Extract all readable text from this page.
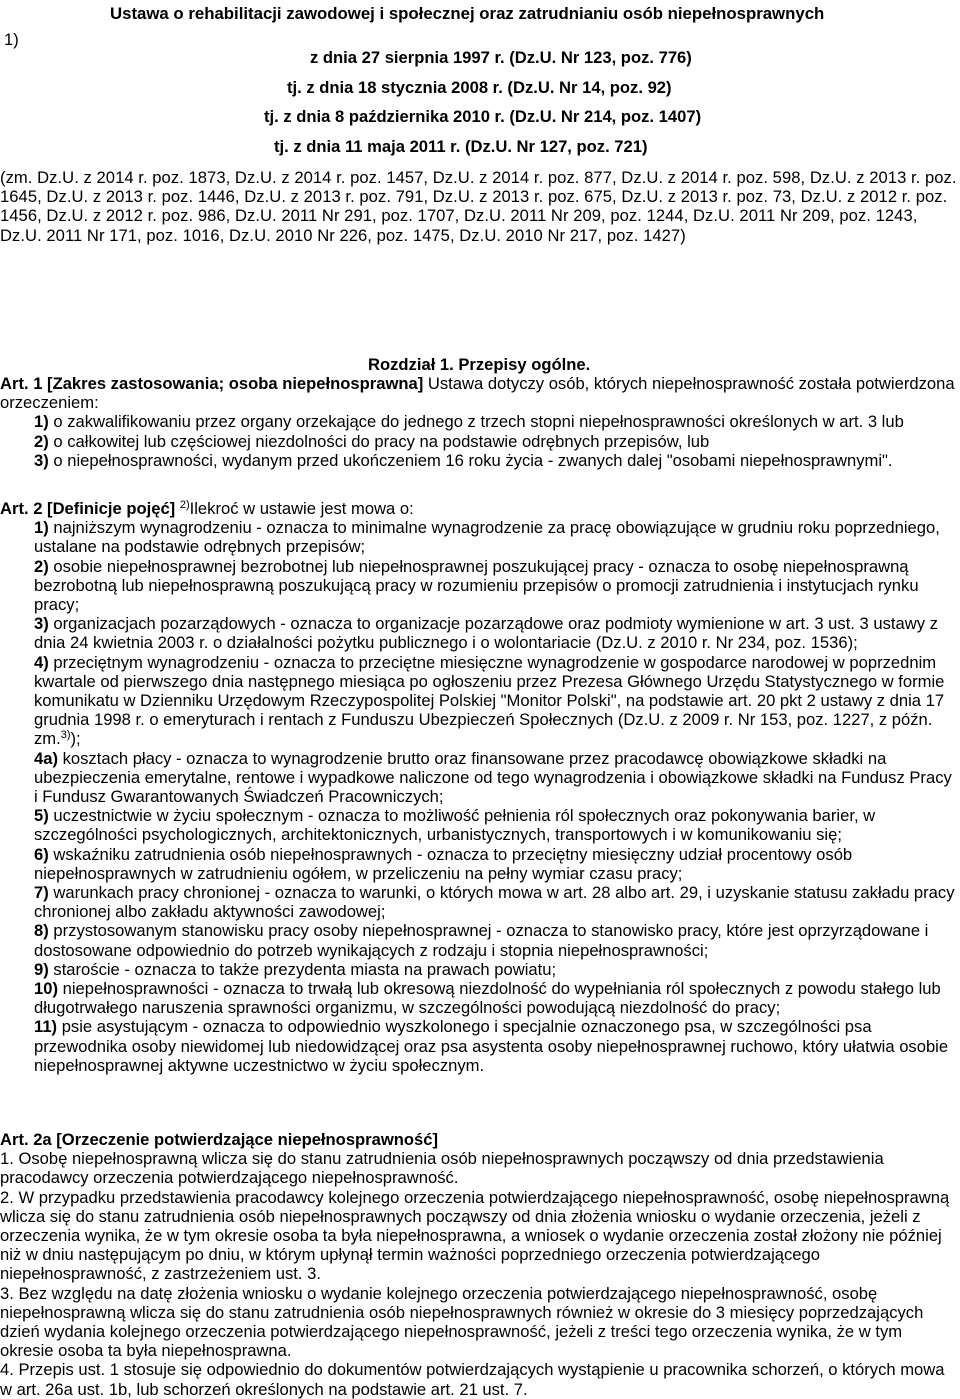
1)
Ustawa o rehabilitacji zawodowej i społecznej oraz zatrudnianiu osób niepełnosprawnych
z dnia 27 sierpnia 1997 r. (Dz.U. Nr 123, poz. 776)
tj. z dnia 18 stycznia 2008 r. (Dz.U. Nr 14, poz. 92)
tj. z dnia 8 października 2010 r. (Dz.U. Nr 214, poz. 1407)
tj. z dnia 11 maja 2011 r. (Dz.U. Nr 127, poz. 721)

(zm. Dz.U. z 2014 r. poz. 1873, Dz.U. z 2014 r. poz. 1457, Dz.U. z 2014 r. poz. 877, Dz.U. z 2014 r. poz. 598, Dz.U. z 2013 r. poz. 1645, Dz.U. z 2013 r. poz. 1446, Dz.U. z 2013 r. poz. 791, Dz.U. z 2013 r. poz. 675, Dz.U. z 2013 r. poz. 73, Dz.U. z 2012 r. poz. 1456, Dz.U. z 2012 r. poz. 986, Dz.U. 2011 Nr 291, poz. 1707, Dz.U. 2011 Nr 209, poz. 1244, Dz.U. 2011 Nr 209, poz. 1243, Dz.U. 2011 Nr 171, poz. 1016, Dz.U. 2010 Nr 226, poz. 1475, Dz.U. 2010 Nr 217, poz. 1427)

Rozdział 1. Przepisy ogólne.

Art. 1 [Zakres zastosowania; osoba niepełnosprawna] Ustawa dotyczy osób, których niepełnosprawność została potwierdzona orzeczeniem:

1) o zakwalifikowaniu przez organy orzekające do jednego z trzech stopni niepełnosprawności określonych w art. 3 lub

2) o całkowitej lub częściowej niezdolności do pracy na podstawie odrębnych przepisów, lub

3) o niepełnosprawności, wydanym przed ukończeniem 16 roku życia - zwanych dalej "osobami niepełnosprawnymi".

Art. 2 [Definicje pojęć] $^{2)}$Ilekroć w ustawie jest mowa o:

1) najniższym wynagrodzeniu - oznacza to minimalne wynagrodzenie za pracę obowiązujące w grudniu roku poprzedniego, ustalane na podstawie odrębnych przepisów;

2) osobie niepełnosprawnej bezrobotnej lub niepełnosprawnej poszukującej pracy - oznacza to osobę niepełnosprawną bezrobotną lub niepełnosprawną poszukującą pracy w rozumieniu przepisów o promocji zatrudnienia i instytucjach rynku pracy;

3) organizacjach pozarządowych - oznacza to organizacje pozarządowe oraz podmioty wymienione w art. 3 ust. 3 ustawy z dnia 24 kwietnia 2003 r. o działalności pożytku publicznego i o wolontariacie (Dz.U. z 2010 r. Nr 234, poz. 1536);

4) przeciętnym wynagrodzeniu - oznacza to przeciętne miesięczne wynagrodzenie w gospodarce narodowej w poprzednim kwartale od pierwszego dnia następnego miesiąca po ogłoszeniu przez Prezesa Głównego Urzędu Statystycznego w formie komunikatu w Dzienniku Urzędowym Rzeczypospolitej Polskiej "Monitor Polski", na podstawie art. 20 pkt 2 ustawy z dnia 17 grudnia 1998 r. o emeryturach i rentach z Funduszu Ubezpieczeń Społecznych (Dz.U. z 2009 r. Nr 153, poz. 1227, z późn. zm.$^{3)}$);

4a) kosztach płacy - oznacza to wynagrodzenie brutto oraz finansowane przez pracodawcę obowiązkowe składki na ubezpieczenia emerytalne, rentowe i wypadkowe naliczone od tego wynagrodzenia i obowiązkowe składki na Fundusz Pracy i Fundusz Gwarantowanych Świadczeń Pracowniczych;

5) uczestnictwie w życiu społecznym - oznacza to możliwość pełnienia ról społecznych oraz pokonywania barier, w szczególności psychologicznych, architektonicznych, urbanistycznych, transportowych i w komunikowaniu się;

6) wskaźniku zatrudnienia osób niepełnosprawnych - oznacza to przeciętny miesięczny udział procentowy osób niepełnosprawnych w zatrudnieniu ogółem, w przeliczeniu na pełny wymiar czasu pracy;

7) warunkach pracy chronionej - oznacza to warunki, o których mowa w art. 28 albo art. 29, i uzyskanie statusu zakładu pracy chronionej albo zakładu aktywności zawodowej;

8) przystosowanym stanowisku pracy osoby niepełnosprawnej - oznacza to stanowisko pracy, które jest oprzyrządowane i dostosowane odpowiednio do potrzeb wynikających z rodzaju i stopnia niepełnosprawności;

9) starościе - oznacza to także prezydenta miasta na prawach powiatu;

10) niepełnosprawności - oznacza to trwałą lub okresową niezdolność do wypełniania ról społecznych z powodu stałego lub długotrwałego naruszenia sprawności organizmu, w szczególności powodującą niezdolność do pracy;

11) psie asystującym - oznacza to odpowiednio wyszkolonego i specjalnie oznaczonego psa, w szczególności psa przewodnika osoby niewidomej lub niedowidzącej oraz psa asystenta osoby niepełnosprawnej ruchowo, który ułatwia osobie niepełnosprawnej aktywne uczestnictwo w życiu społecznym.

Art. 2a [Orzeczenie potwierdzające niepełnosprawność]

1. Osobę niepełnosprawną wlicza się do stanu zatrudnienia osób niepełnosprawnych począwszy od dnia przedstawienia pracodawcy orzeczenia potwierdzającego niepełnosprawność.

2. W przypadku przedstawienia pracodawcy kolejnego orzeczenia potwierdzającego niepełnosprawność, osobę niepełnosprawną wlicza się do stanu zatrudnienia osób niepełnosprawnych począwszy od dnia złożenia wniosku o wydanie orzeczenia, jeżeli z orzeczenia wynika, że w tym okresie osoba ta była niepełnosprawna, a wniosek o wydanie orzeczenia został złożony nie później niż w dniu następującym po dniu, w którym upłynął termin ważności poprzedniego orzeczenia potwierdzającego niepełnosprawność, z zastrzeżeniem ust. 3.

3. Bez względu na datę złożenia wniosku o wydanie kolejnego orzeczenia potwierdzającego niepełnosprawność, osobę niepełnosprawną wlicza się do stanu zatrudnienia osób niepełnosprawnych również w okresie do 3 miesięcy poprzedzających dzień wydania kolejnego orzeczenia potwierdzającego niepełnosprawność, jeżeli z treści tego orzeczenia wynika, że w tym okresie osoba ta była niepełnosprawna.

4. Przepis ust. 1 stosuje się odpowiednio do dokumentów potwierdzających wystąpienie u pracownika schorzeń, o których mowa w art. 26a ust. 1b, lub schorzeń określonych na podstawie art. 21 ust. 7.
